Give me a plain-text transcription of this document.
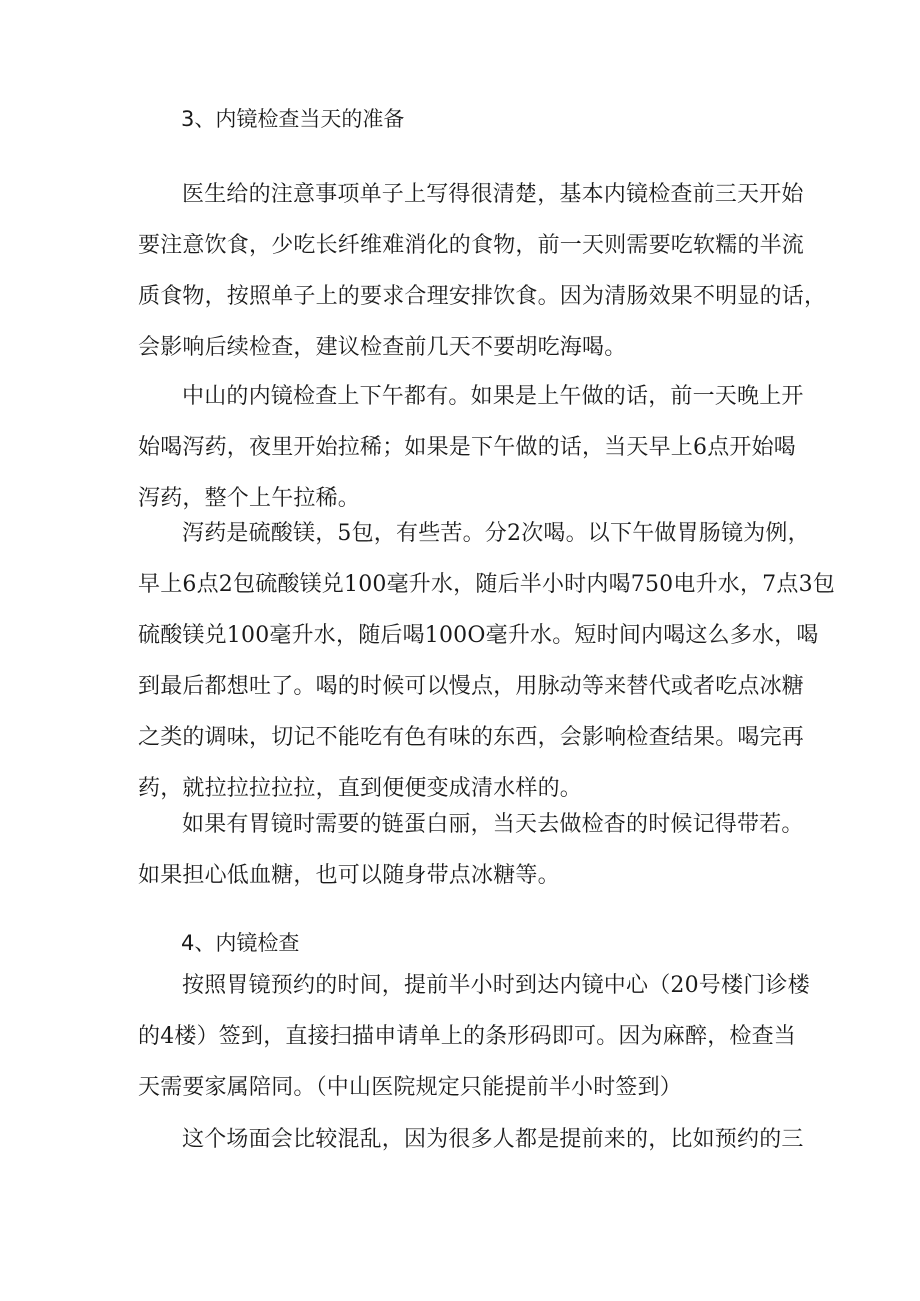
3、内镜检查当天的准备
医生给的注意事项单子上写得很清楚，基本内镜检查前三天开始
要注意饮食，少吃长纤维难消化的食物，前一天则需要吃软糯的半流
质食物，按照单子上的要求合理安排饮食。因为清肠效果不明显的话，
会影响后续检查，建议检查前几天不要胡吃海喝。
中山的内镜检查上下午都有。如果是上午做的话，前一天晚上开
始喝泻药，夜里开始拉稀；如果是下午做的话，当天早上6点开始喝
泻药，整个上午拉稀。
泻药是硫酸镁，5包，有些苦。分2次喝。以下午做胃肠镜为例，
早上6点2包硫酸镁兑100毫升水，随后半小时内喝750电升水，7点3包
硫酸镁兑100毫升水，随后喝100O毫升水。短时间内喝这么多水，喝
到最后都想吐了。喝的时候可以慢点，用脉动等来替代或者吃点冰糖
之类的调味，切记不能吃有色有味的东西，会影响检查结果。喝完再
药，就拉拉拉拉拉，直到便便变成清水样的。
如果有胃镜时需要的链蛋白丽，当天去做检杳的时候记得带若。
如果担心低血糖，也可以随身带点冰糖等。
4、内镜检查
按照胃镜预约的时间，提前半小时到达内镜中心（20号楼门诊楼
的4楼）签到，直接扫描申请单上的条形码即可。因为麻醉，检查当
天需要家属陪同。（中山医院规定只能提前半小时签到）
这个场面会比较混乱，因为很多人都是提前来的，比如预约的三
